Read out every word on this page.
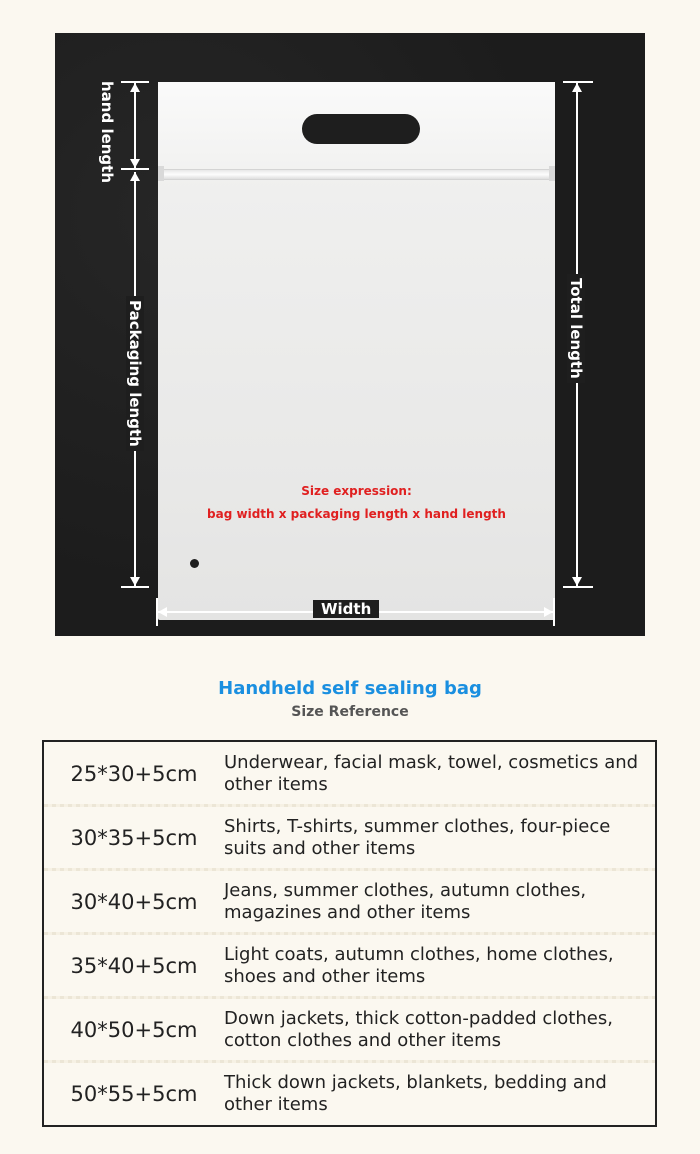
Size expression:
bag width x packaging length x hand length
hand length
Packaging length	Total length
Width
Handheld self sealing bag
Size Reference
25*30+5cm	Underwear, facial mask, towel, cosmetics and other items
30*35+5cm	Shirts, T-shirts, summer clothes, four-piece suits and other items
30*40+5cm	Jeans, summer clothes, autumn clothes, magazines and other items
35*40+5cm	Light coats, autumn clothes, home clothes, shoes and other items
40*50+5cm	Down jackets, thick cotton-padded clothes, cotton clothes and other items
50*55+5cm	Thick down jackets, blankets, bedding and other items
